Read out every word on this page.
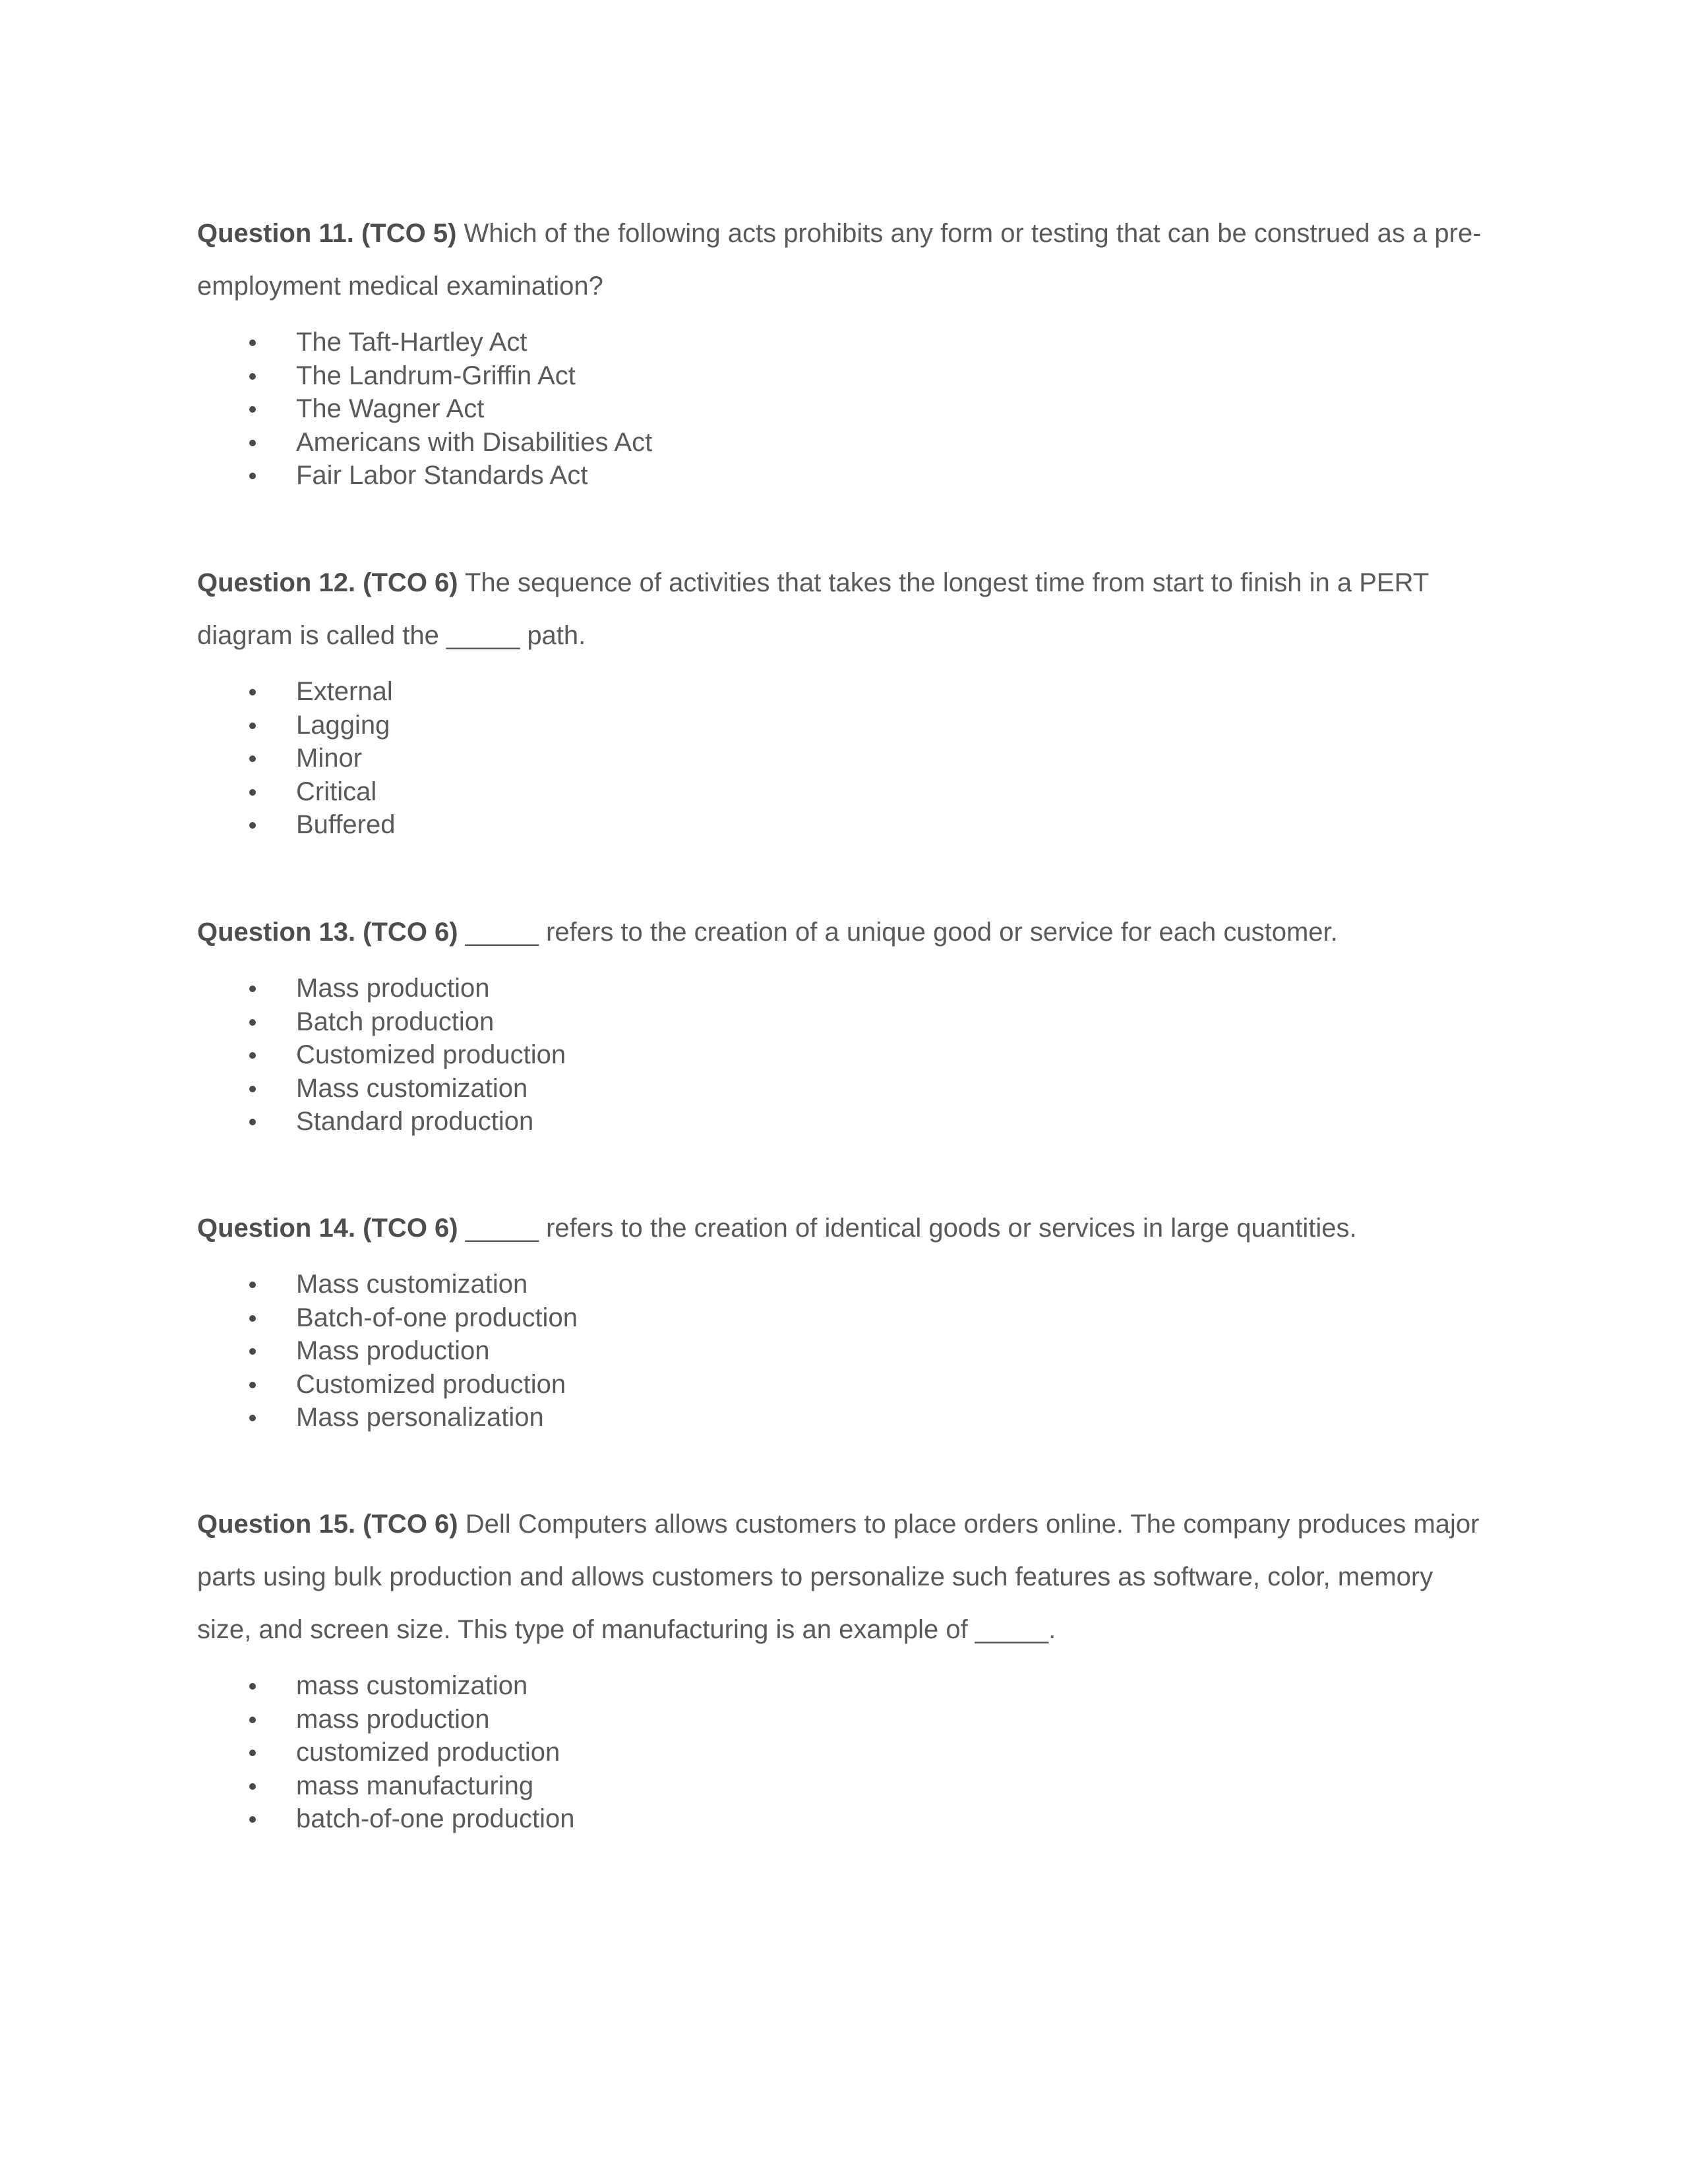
Question 11. (TCO 5) Which of the following acts prohibits any form or testing that can be construed as a pre-employment medical examination?

The Taft-Hartley Act
The Landrum-Griffin Act
The Wagner Act
Americans with Disabilities Act
Fair Labor Standards Act

Question 12. (TCO 6) The sequence of activities that takes the longest time from start to finish in a PERT diagram is called the _____ path.

External
Lagging
Minor
Critical
Buffered

Question 13. (TCO 6) _____ refers to the creation of a unique good or service for each customer.

Mass production
Batch production
Customized production
Mass customization
Standard production

Question 14. (TCO 6) _____ refers to the creation of identical goods or services in large quantities.

Mass customization
Batch-of-one production
Mass production
Customized production
Mass personalization

Question 15. (TCO 6) Dell Computers allows customers to place orders online. The company produces major parts using bulk production and allows customers to personalize such features as software, color, memory size, and screen size. This type of manufacturing is an example of _____.

mass customization
mass production
customized production
mass manufacturing
batch-of-one production
